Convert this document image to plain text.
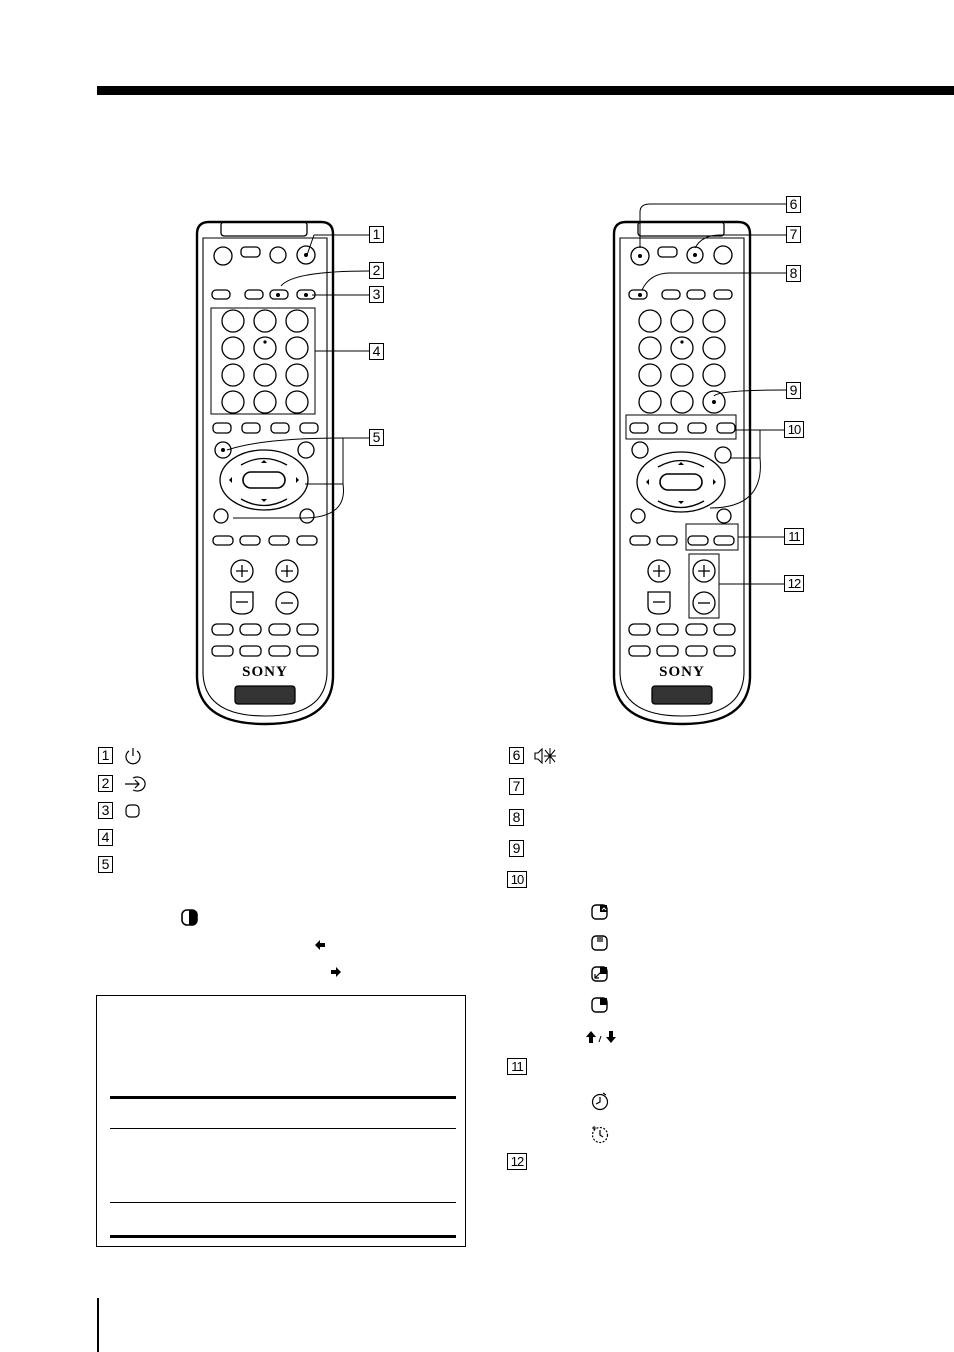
SONY	SONY
1
2
3
4
5
6
7
8
9
10
11
12
1
2
3
4
5
6
7
8
9
10
11
12
